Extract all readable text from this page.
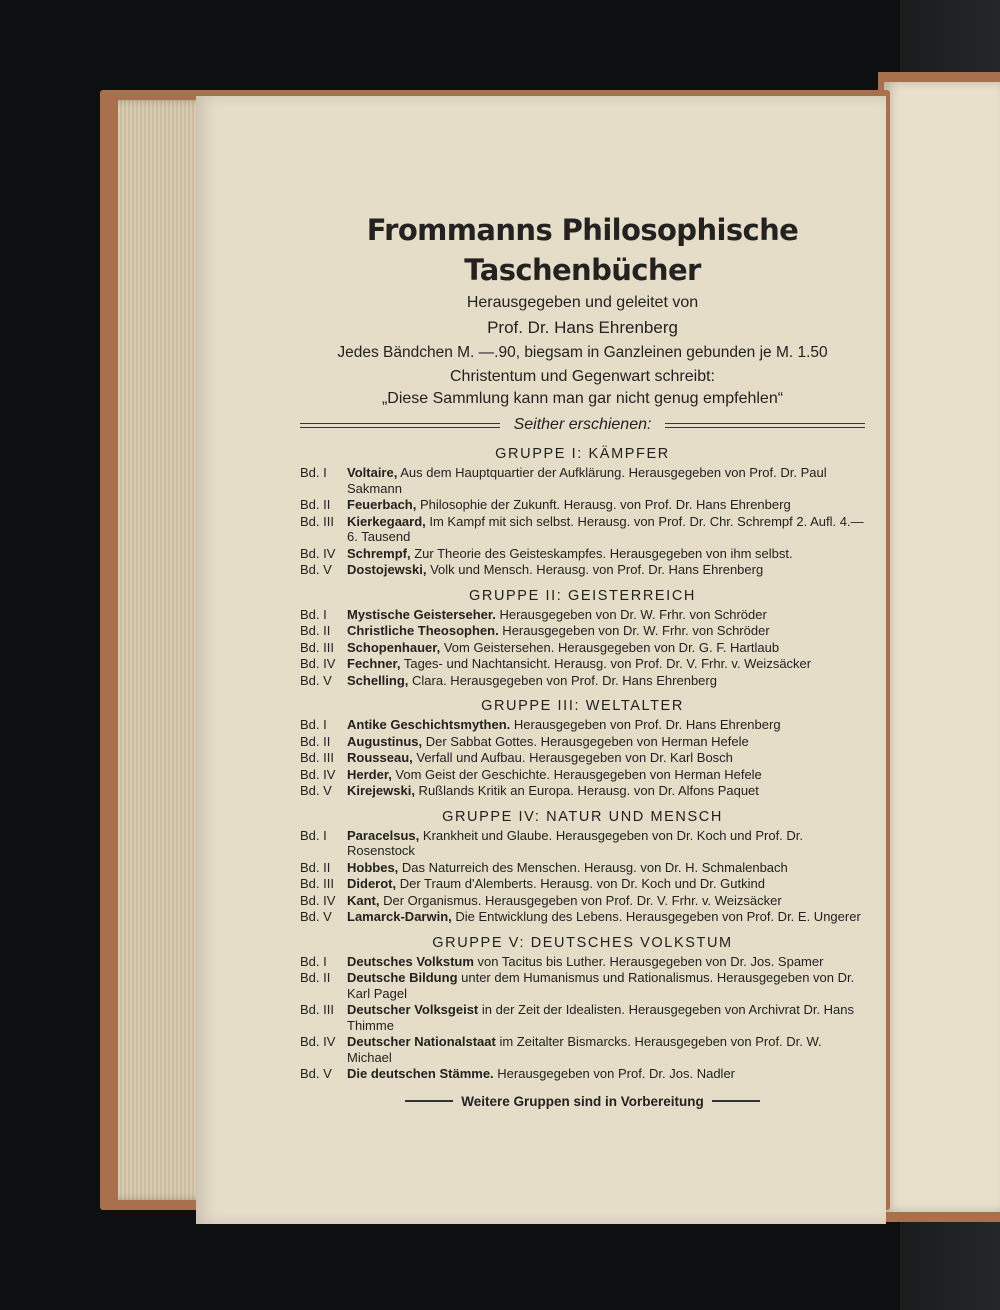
Frommanns Philosophische Taschenbücher
Herausgegeben und geleitet von
Prof. Dr. Hans Ehrenberg
Jedes Bändchen M. —.90, biegsam in Ganzleinen gebunden je M. 1.50
Christentum und Gegenwart schreibt:
„Diese Sammlung kann man gar nicht genug empfehlen“
Seither erschienen:
GRUPPE I: KÄMPFER
Bd. I	Voltaire, Aus dem Hauptquartier der Aufklärung. Herausgegeben von Prof. Dr. Paul Sakmann
Bd. II	Feuerbach, Philosophie der Zukunft. Herausg. von Prof. Dr. Hans Ehrenberg
Bd. III	Kierkegaard, Im Kampf mit sich selbst. Herausg. von Prof. Dr. Chr. Schrempf 2. Aufl. 4.—6. Tausend
Bd. IV Schrempf, Zur Theorie des Geisteskampfes. Herausgegeben von ihm selbst.
Bd. V	Dostojewski, Volk und Mensch. Herausg. von Prof. Dr. Hans Ehrenberg
GRUPPE II: GEISTERREICH
Bd. I	Mystische Geisterseher. Herausgegeben von Dr. W. Frhr. von Schröder
Bd. II	Christliche Theosophen. Herausgegeben von Dr. W. Frhr. von Schröder
Bd. III	Schopenhauer, Vom Geistersehen. Herausgegeben von Dr. G. F. Hartlaub
Bd. IV Fechner, Tages- und Nachtansicht. Herausg. von Prof. Dr. V. Frhr. v. Weizsäcker
Bd. V	Schelling, Clara. Herausgegeben von Prof. Dr. Hans Ehrenberg
GRUPPE III: WELTALTER
Bd. I	Antike Geschichtsmythen. Herausgegeben von Prof. Dr. Hans Ehrenberg
Bd. II	Augustinus, Der Sabbat Gottes. Herausgegeben von Herman Hefele
Bd. III	Rousseau, Verfall und Aufbau. Herausgegeben von Dr. Karl Bosch
Bd. IV Herder, Vom Geist der Geschichte. Herausgegeben von Herman Hefele
Bd. V	Kirejewski, Rußlands Kritik an Europa. Herausg. von Dr. Alfons Paquet
GRUPPE IV: NATUR UND MENSCH
Bd. I	Paracelsus, Krankheit und Glaube. Herausgegeben von Dr. Koch und Prof. Dr. Rosenstock
Bd. II	Hobbes, Das Naturreich des Menschen. Herausg. von Dr. H. Schmalenbach
Bd. III	Diderot, Der Traum d'Alemberts. Herausg. von Dr. Koch und Dr. Gutkind
Bd. IV Kant, Der Organismus. Herausgegeben von Prof. Dr. V. Frhr. v. Weizsäcker
Bd. V	Lamarck-Darwin, Die Entwicklung des Lebens. Herausgegeben von Prof. Dr. E. Ungerer
GRUPPE V: DEUTSCHES VOLKSTUM
Bd. I	Deutsches Volkstum von Tacitus bis Luther. Herausgegeben von Dr. Jos. Spamer
Bd. II	Deutsche Bildung unter dem Humanismus und Rationalismus. Herausgegeben von Dr. Karl Pagel
Bd. III	Deutscher Volksgeist in der Zeit der Idealisten. Herausgegeben von Archivrat Dr. Hans Thimme
Bd. IV Deutscher Nationalstaat im Zeitalter Bismarcks. Herausgegeben von Prof. Dr. W. Michael
Bd. V	Die deutschen Stämme. Herausgegeben von Prof. Dr. Jos. Nadler
Weitere Gruppen sind in Vorbereitung
